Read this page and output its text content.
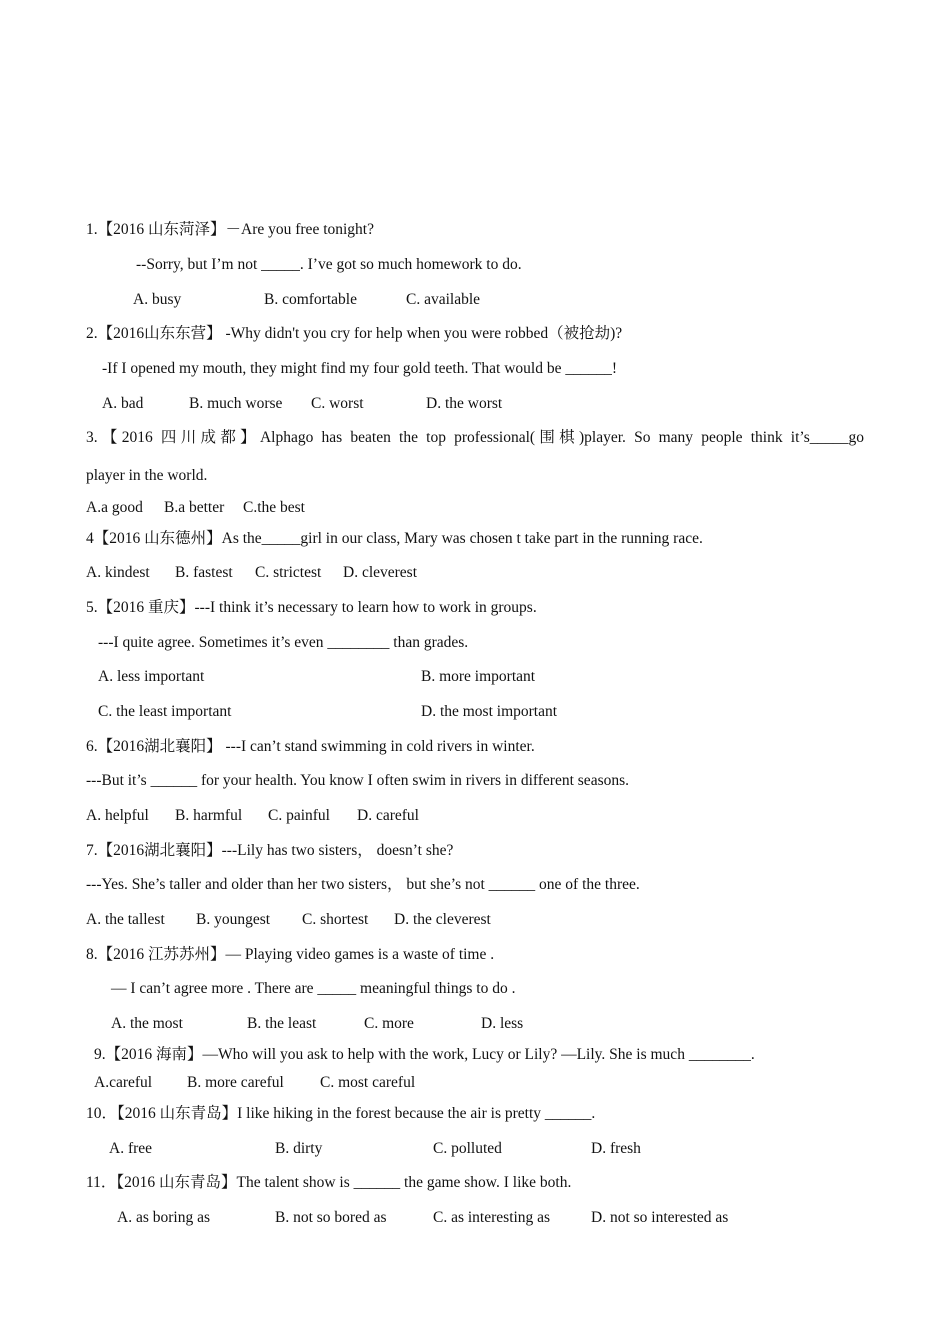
1.【2016 山东菏泽】－Are you free tonight?
--Sorry, but I’m not _____. I’ve got so much homework to do.
A. busy	B. comfortable	C. available
2.【2016山东东营】 -Why didn't you cry for help when you were robbed（被抢劫)?
-If I opened my mouth, they might find my four gold teeth. That would be ______!
A. bad	B. much worse C. worst	D. the worst
3.【2016 四川成都】Alphago has beaten the top professional(围棋)player. So many people think it’s_____go
player in the world.
A.a good B.a better C.the best
4【2016 山东德州】As the_____girl in our class, Mary was chosen t take part in the running race.
A. kindest B. fastest C. strictest D. cleverest
5.【2016 重庆】---I think it’s necessary to learn how to work in groups.
---I quite agree. Sometimes it’s even ________ than grades.
A. less important	B. more important
C. the least important	D. the most important
6.【2016湖北襄阳】 ---I can’t stand swimming in cold rivers in winter.
---But it’s ______ for your health. You know I often swim in rivers in different seasons.
A. helpful B. harmful C. painful D. careful
7.【2016湖北襄阳】---Lily has two sisters， doesn’t she?
---Yes. She’s taller and older than her two sisters， but she’s not ______ one of the three.
A. the tallest B. youngest C. shortest D. the cleverest
8.【2016 江苏苏州】— Playing video games is a waste of time .
— I can’t agree more . There are _____ meaningful things to do .
A. the most	B. the least	C. more	D. less
9.【2016 海南】—Who will you ask to help with the work, Lucy or Lily? —Lily. She is much ________.
A.careful B. more careful C. most careful
10．【2016 山东青岛】I like hiking in the forest because the air is pretty ______.
A. free	B. dirty	C. polluted	D. fresh
11．【2016 山东青岛】The talent show is ______ the game show. I like both.
A. as boring as	B. not so bored as	C. as interesting as	D. not so interested as
